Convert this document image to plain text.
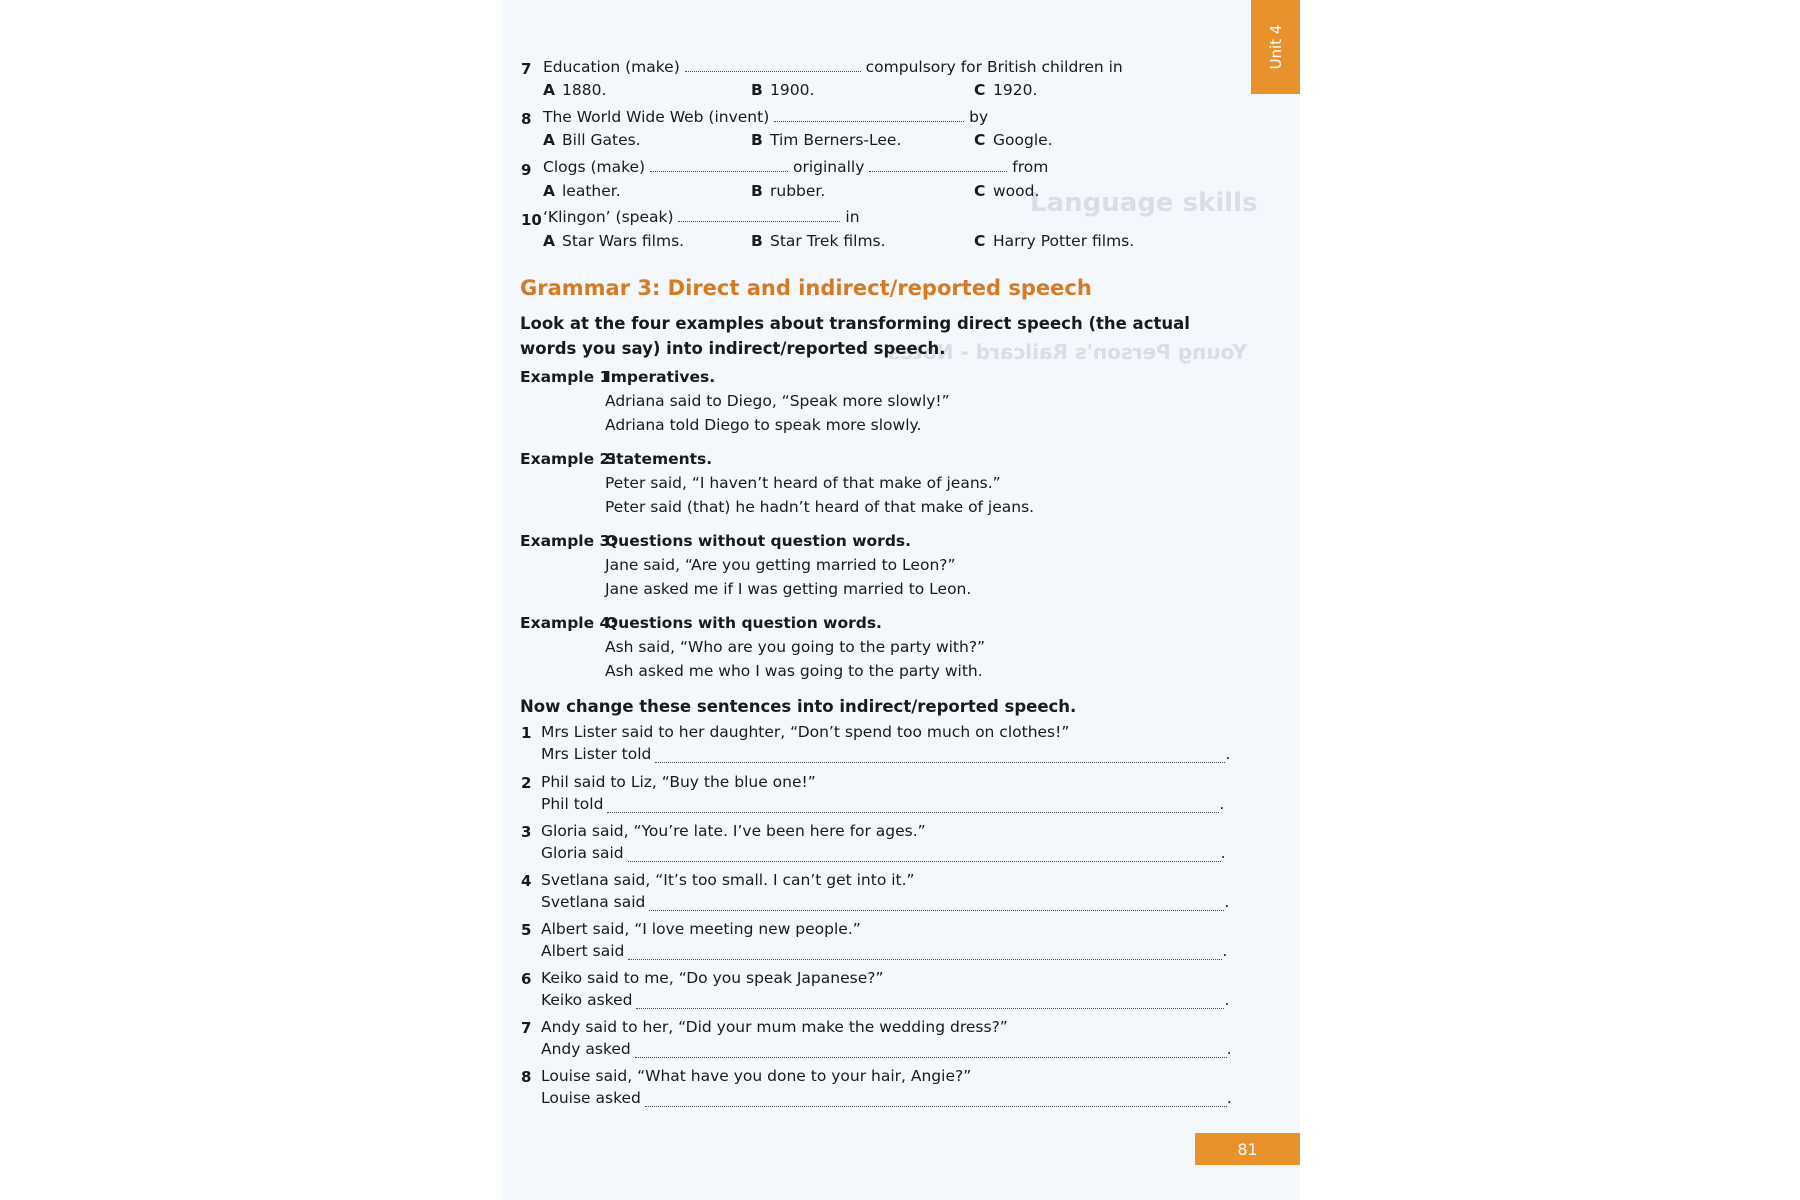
Language skills
Young Person's Railcard - Notes
Unit 4
7 Education (make)	compulsory for British children in
A 1880.	B 1900.	C 1920.
8 The World Wide Web (invent)	by
A Bill Gates.	B Tim Berners-Lee.	C Google.
9 Clogs (make)	originally	from
A leather.	B rubber.	C wood.
10 ‘Klingon’ (speak)	in
A Star Wars films.	B Star Trek films.	C Harry Potter films.
Grammar 3: Direct and indirect/reported speech
Look at the four examples about transforming direct speech (the actual words you say) into indirect/reported speech.
Example 1:
Imperatives.
Adriana said to Diego, “Speak more slowly!”
Adriana told Diego to speak more slowly.
Example 2:
Statements.
Peter said, “I haven’t heard of that make of jeans.”
Peter said (that) he hadn’t heard of that make of jeans.
Example 3:
Questions without question words.
Jane said, “Are you getting married to Leon?”
Jane asked me if I was getting married to Leon.
Example 4:
Questions with question words.
Ash said, “Who are you going to the party with?”
Ash asked me who I was going to the party with.
Now change these sentences into indirect/reported speech.
1 Mrs Lister said to her daughter, “Don’t spend too much on clothes!”
Mrs Lister told	.
2 Phil said to Liz, “Buy the blue one!”
Phil told	.
3 Gloria said, “You’re late. I’ve been here for ages.”
Gloria said	.
4 Svetlana said, “It’s too small. I can’t get into it.”
Svetlana said	.
5 Albert said, “I love meeting new people.”
Albert said	.
6 Keiko said to me, “Do you speak Japanese?”
Keiko asked	.
7 Andy said to her, “Did your mum make the wedding dress?”
Andy asked	.
8 Louise said, “What have you done to your hair, Angie?”
Louise asked	.
81
